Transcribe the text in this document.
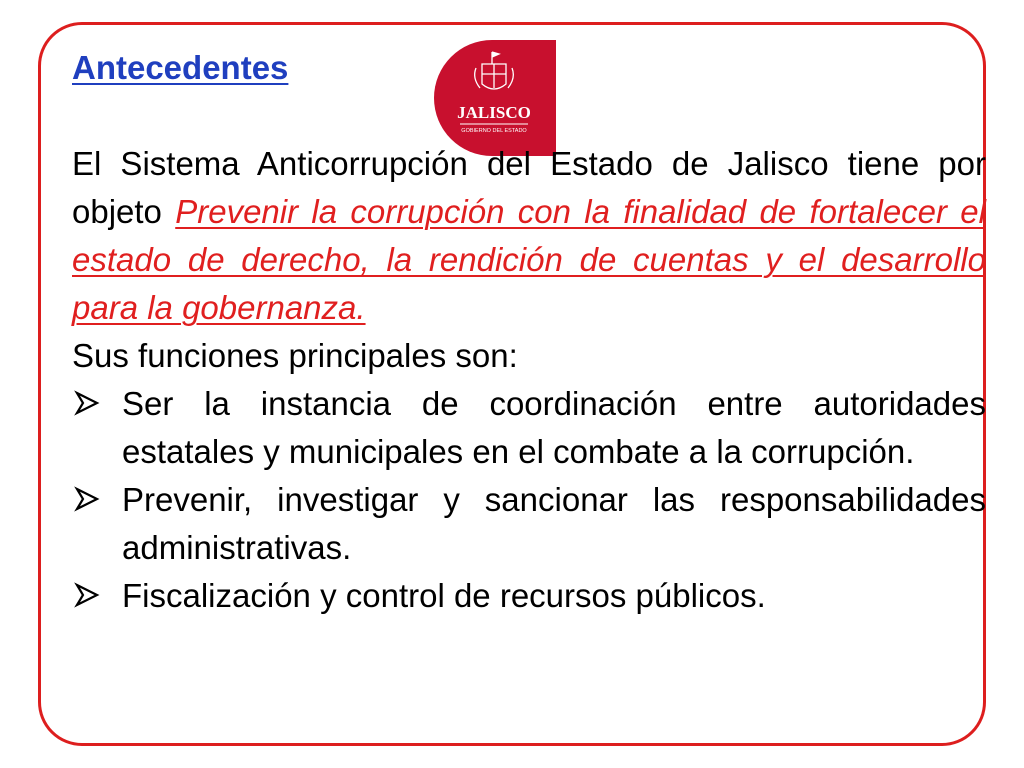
Antecedentes
JALISCO
GOBIERNO DEL ESTADO

El Sistema Anticorrupción del Estado de Jalisco tiene por objeto Prevenir la corrupción con la finalidad de fortalecer el estado de derecho, la rendición de cuentas y el desarrollo para la gobernanza.

Sus funciones principales son:

Ser la instancia de coordinación entre autoridades estatales y municipales en el combate a la corrupción.
Prevenir, investigar y sancionar las responsabilidades administrativas.
Fiscalización y control de recursos públicos.
